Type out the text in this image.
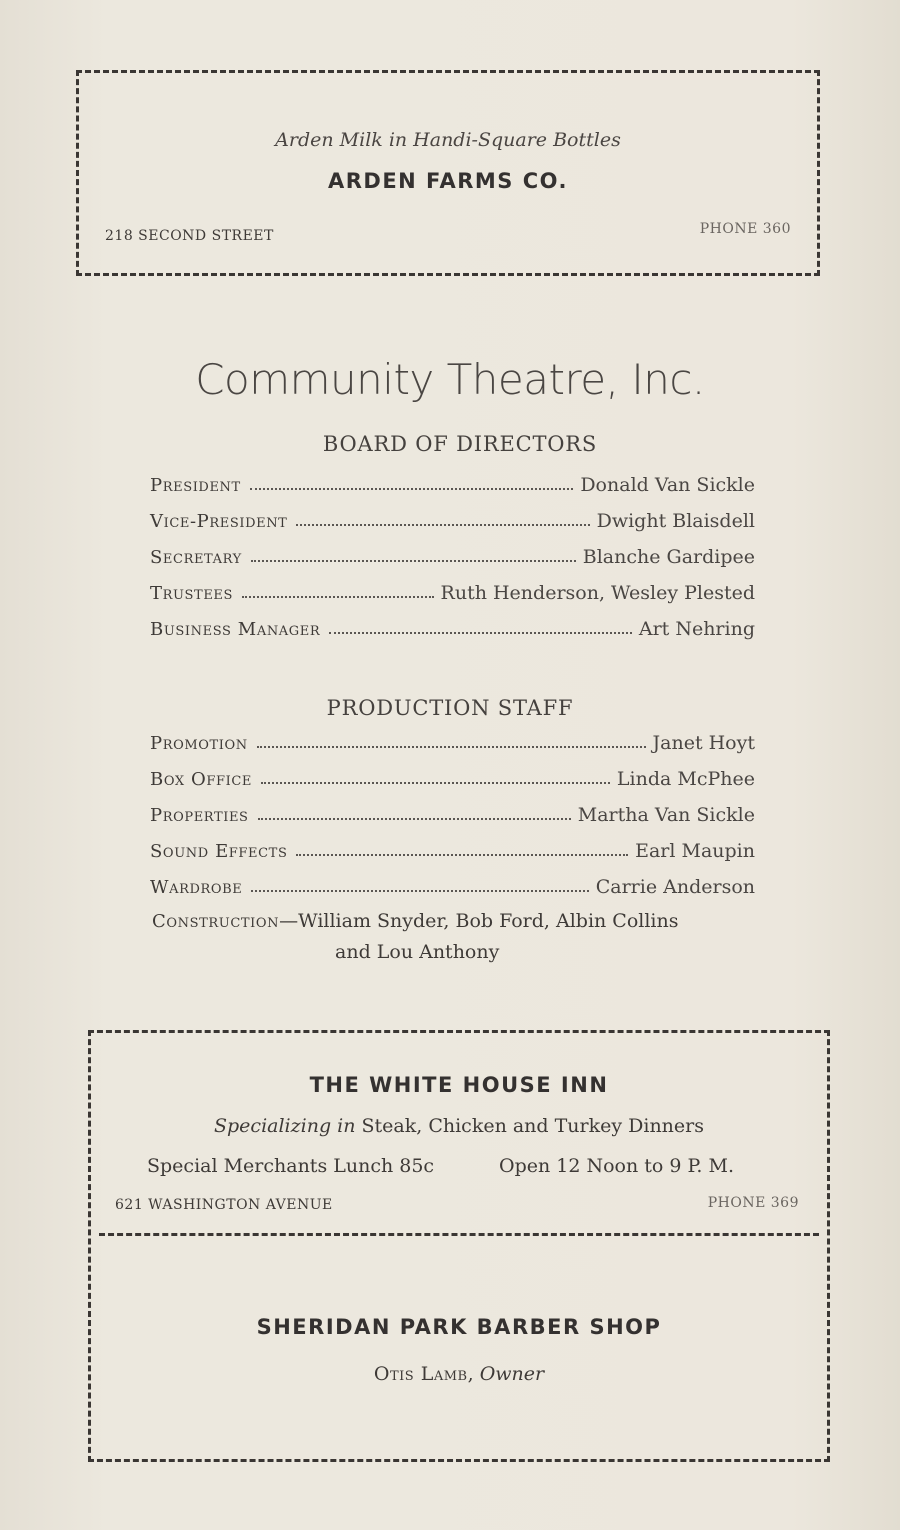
Arden Milk in Handi-Square Bottles
ARDEN FARMS CO.
218 SECOND STREET	PHONE 360
Community Theatre, Inc.
BOARD OF DIRECTORS
President	Donald Van Sickle
Vice-President	Dwight Blaisdell
Secretary	Blanche Gardipee
Trustees	Ruth Henderson, Wesley Plested
Business Manager	Art Nehring
PRODUCTION STAFF
Promotion	Janet Hoyt
Box Office	Linda McPhee
Properties	Martha Van Sickle
Sound Effects	Earl Maupin
Wardrobe	Carrie Anderson
Construction—William Snyder, Bob Ford, Albin Collins
and Lou Anthony
THE WHITE HOUSE INN
Specializing in Steak, Chicken and Turkey Dinners
Special Merchants Lunch 85c	Open 12 Noon to 9 P. M.
621 WASHINGTON AVENUE	PHONE 369
SHERIDAN PARK BARBER SHOP
Otis Lamb, Owner
